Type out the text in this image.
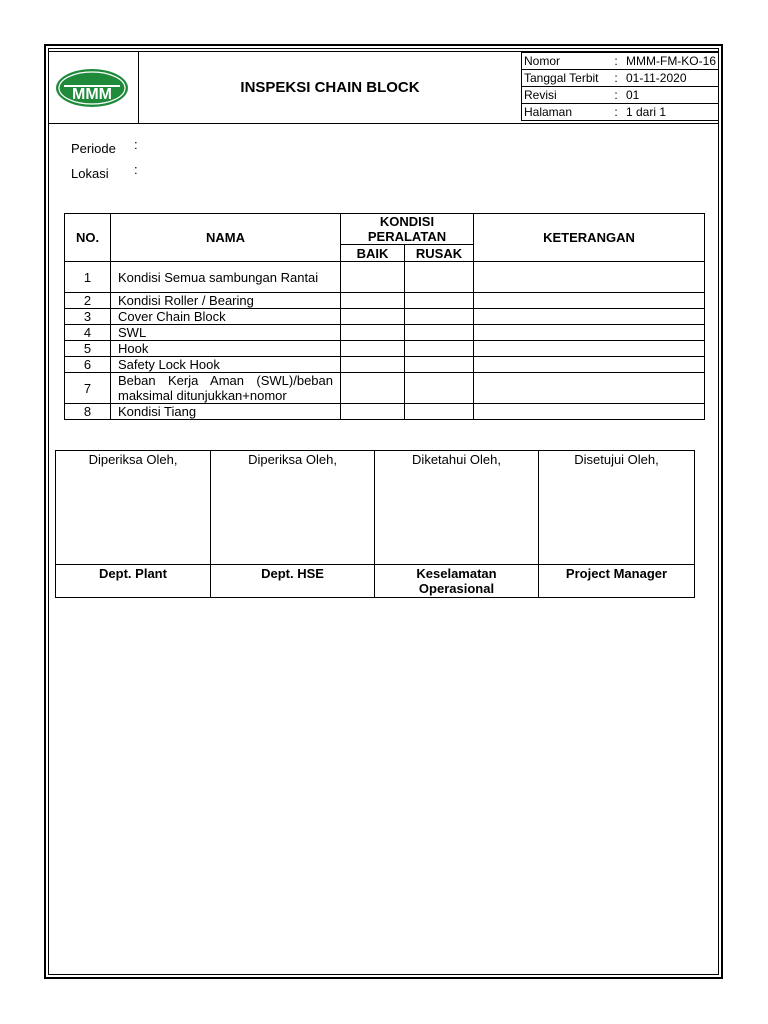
MMM	INSPEKSI CHAIN BLOCK
Nomor	:	MMM-FM-KO-16
Tanggal Terbit	:	01-11-2020
Revisi	:	01
Halaman	:	1 dari 1
Periode :
Lokasi :
NO.	NAMA	KONDISI PERALATAN		KETERANGAN
		BAIK	RUSAK	
1	Kondisi Semua sambungan Rantai			
2	Kondisi Roller / Bearing			
3	Cover Chain Block			
4	SWL			
5	Hook			
6	Safety Lock Hook			
7	Beban Kerja Aman (SWL)/beban maksimal ditunjukkan+nomor			
8	Kondisi Tiang			
Diperiksa Oleh,	Diperiksa Oleh,	Diketahui Oleh,	Disetujui Oleh,
Dept. Plant	Dept. HSE	Keselamatan Operasional	Project Manager
